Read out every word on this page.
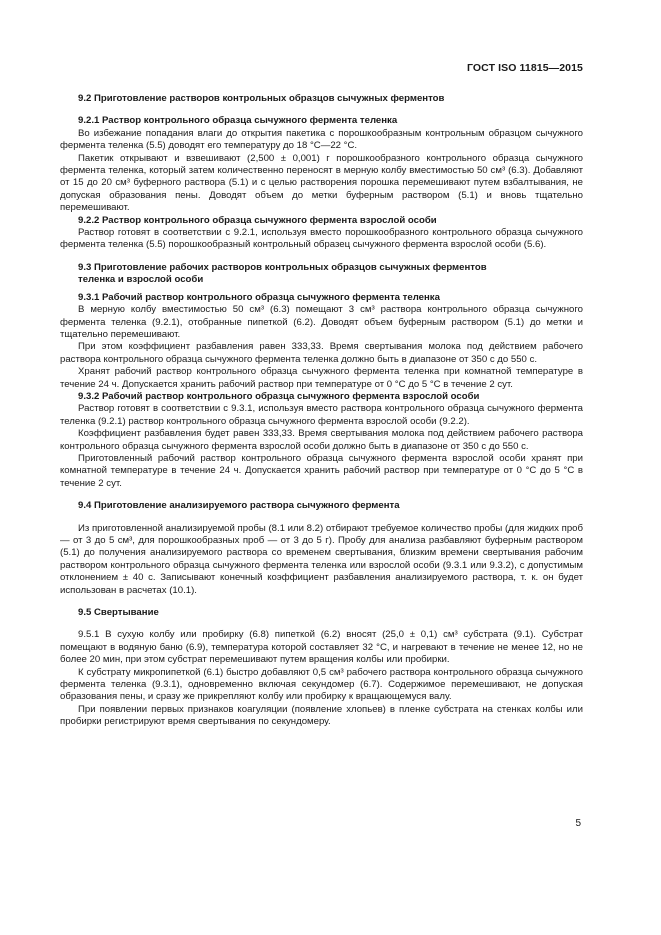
ГОСТ ISO 11815—2015
9.2 Приготовление растворов контрольных образцов сычужных ферментов
9.2.1 Раствор контрольного образца сычужного фермента теленка

Во избежание попадания влаги до открытия пакетика с порошкообразным контрольным образцом сычужного фермента теленка (5.5) доводят его температуру до 18 °С—22 °С.

Пакетик открывают и взвешивают (2,500 ± 0,001) г порошкообразного контрольного образца сычужного фермента теленка, который затем количественно переносят в мерную колбу вместимостью 50 см³ (6.3). Добавляют от 15 до 20 см³ буферного раствора (5.1) и с целью растворения порошка перемешивают путем взбалтывания, не допуская образования пены. Доводят объем до метки буферным раствором (5.1) и вновь тщательно перемешивают.

9.2.2 Раствор контрольного образца сычужного фермента взрослой особи

Раствор готовят в соответствии с 9.2.1, используя вместо порошкообразного контрольного образца сычужного фермента теленка (5.5) порошкообразный контрольный образец сычужного фермента взрослой особи (5.6).

9.3 Приготовление рабочих растворов контрольных образцов сычужных ферментов
теленка и взрослой особи
9.3.1 Рабочий раствор контрольного образца сычужного фермента теленка

В мерную колбу вместимостью 50 см³ (6.3) помещают 3 см³ раствора контрольного образца сычужного фермента теленка (9.2.1), отобранные пипеткой (6.2). Доводят объем буферным раствором (5.1) до метки и тщательно перемешивают.

При этом коэффициент разбавления равен 333,33. Время свертывания молока под действием рабочего раствора контрольного образца сычужного фермента теленка должно быть в диапазоне от 350 с до 550 с.

Хранят рабочий раствор контрольного образца сычужного фермента теленка при комнатной температуре в течение 24 ч. Допускается хранить рабочий раствор при температуре от 0 °С до 5 °С в течение 2 сут.

9.3.2 Рабочий раствор контрольного образца сычужного фермента взрослой особи

Раствор готовят в соответствии с 9.3.1, используя вместо раствора контрольного образца сычужного фермента теленка (9.2.1) раствор контрольного образца сычужного фермента взрослой особи (9.2.2).

Коэффициент разбавления будет равен 333,33. Время свертывания молока под действием рабочего раствора контрольного образца сычужного фермента взрослой особи должно быть в диапазоне от 350 с до 550 с.

Приготовленный рабочий раствор контрольного образца сычужного фермента взрослой особи хранят при комнатной температуре в течение 24 ч. Допускается хранить рабочий раствор при температуре от 0 °С до 5 °С в течение 2 сут.

9.4 Приготовление анализируемого раствора сычужного фермента

Из приготовленной анализируемой пробы (8.1 или 8.2) отбирают требуемое количество пробы (для жидких проб — от 3 до 5 см³, для порошкообразных проб — от 3 до 5 г). Пробу для анализа разбавляют буферным раствором (5.1) до получения анализируемого раствора со временем свертывания, близким времени свертывания рабочим раствором контрольного образца сычужного фермента теленка или взрослой особи (9.3.1 или 9.3.2), с допустимым отклонением ± 40 с. Записывают конечный коэффициент разбавления анализируемого раствора, т. к. он будет использован в расчетах (10.1).

9.5 Свертывание

9.5.1 В сухую колбу или пробирку (6.8) пипеткой (6.2) вносят (25,0 ± 0,1) см³ субстрата (9.1). Субстрат помещают в водяную баню (6.9), температура которой составляет 32 °С, и нагревают в течение не менее 12, но не более 20 мин, при этом субстрат перемешивают путем вращения колбы или пробирки.

К субстрату микропипеткой (6.1) быстро добавляют 0,5 см³ рабочего раствора контрольного образца сычужного фермента теленка (9.3.1), одновременно включая секундомер (6.7). Содержимое перемешивают, не допуская образования пены, и сразу же прикрепляют колбу или пробирку к вращающемуся валу.

При появлении первых признаков коагуляции (появление хлопьев) в пленке субстрата на стенках колбы или пробирки регистрируют время свертывания по секундомеру.

5
